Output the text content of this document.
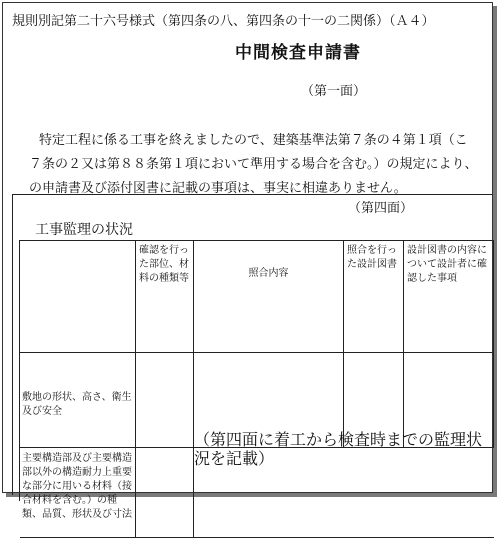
規則別記第二十六号様式（第四条の八、第四条の十一の二関係）（Ａ４）
中間検査申請書
（第一面）
特定工程に係る工事を終えましたので、建築基準法第７条の４第１項（こ
７条の２又は第８８条第１項において準用する場合を含む。）の規定により、
の申請書及び添付図書に記載の事項は、事実に相違ありません。
（第四面）
工事監理の状況
確認を行った部位、材料の種類等	照合内容
照合を行った設計図書
設計図書の内容について設計者に確認した事項
敷地の形状、高さ、衛生及び安全
主要構造部及び主要構造部以外の構造耐力上重要な部分に用いる材料（接合材料を含む。）の種類、品質、形状及び寸法
（第四面に着工から検査時までの監理状況を記載）
